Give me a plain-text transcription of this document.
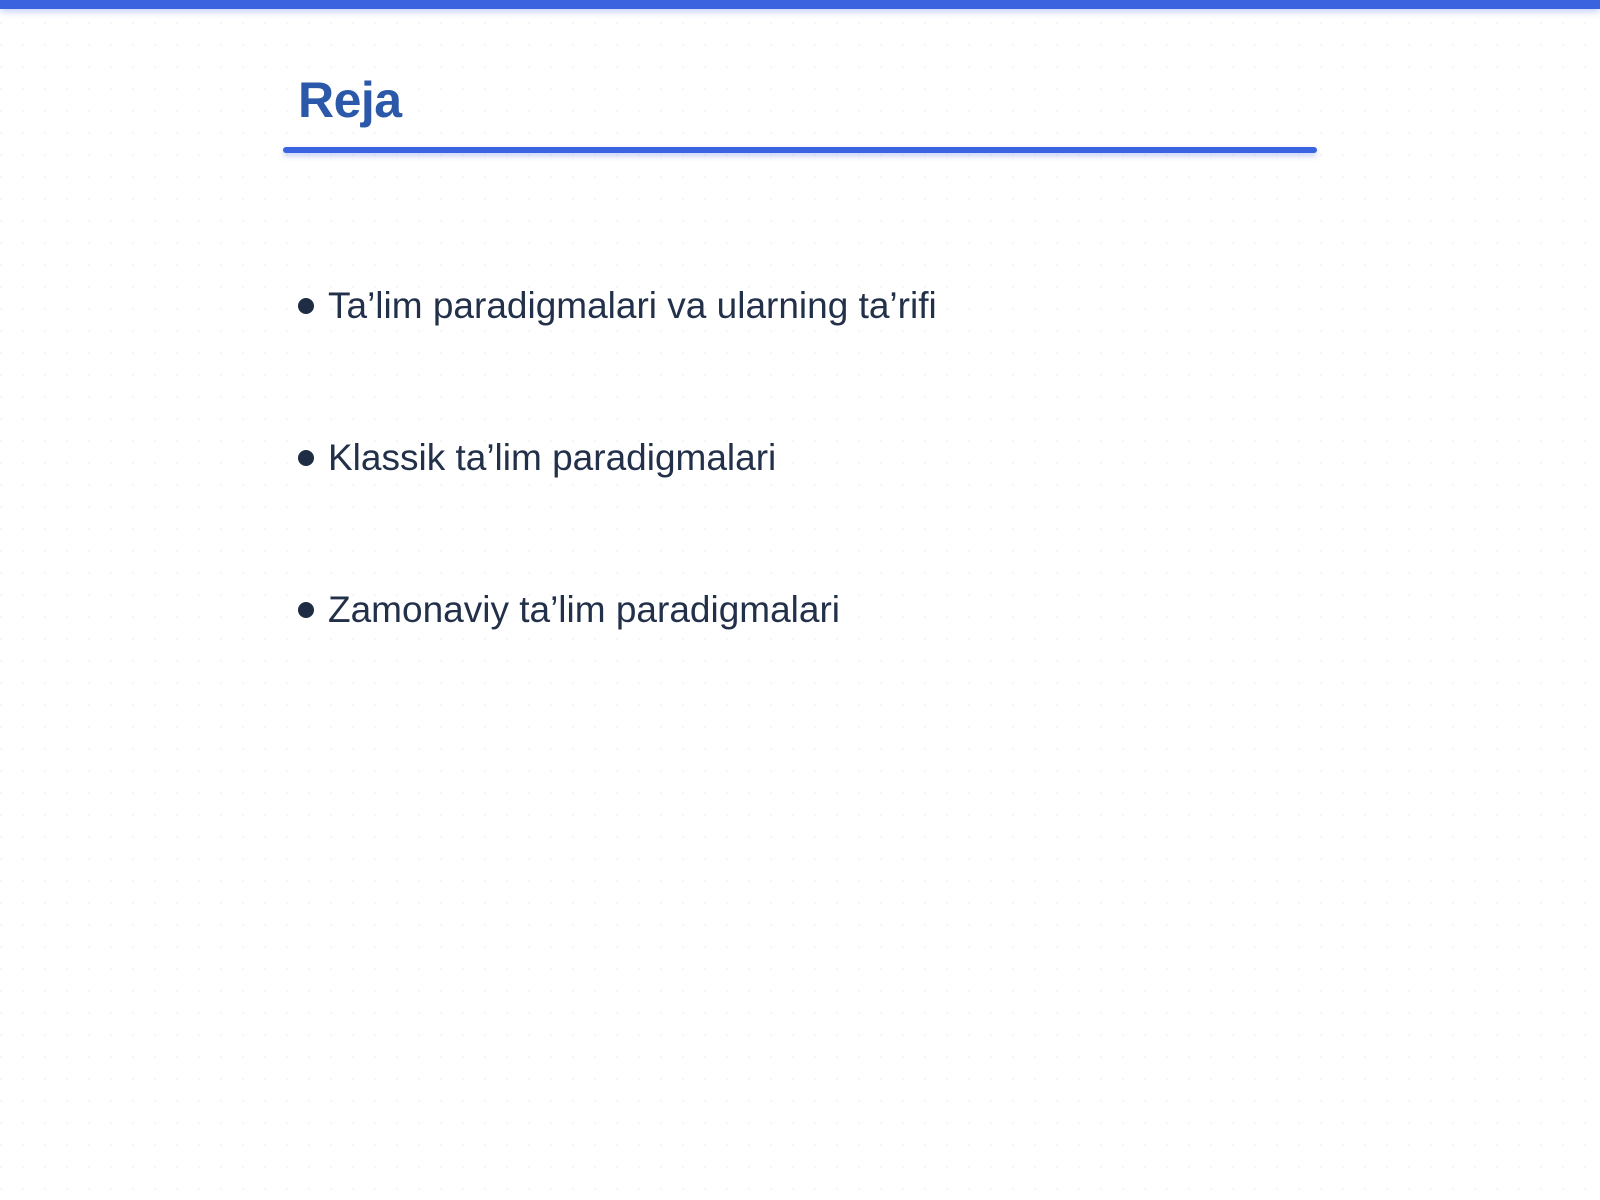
Reja
Ta’lim paradigmalari va ularning ta’rifi
Klassik ta’lim paradigmalari
Zamonaviy ta’lim paradigmalari
